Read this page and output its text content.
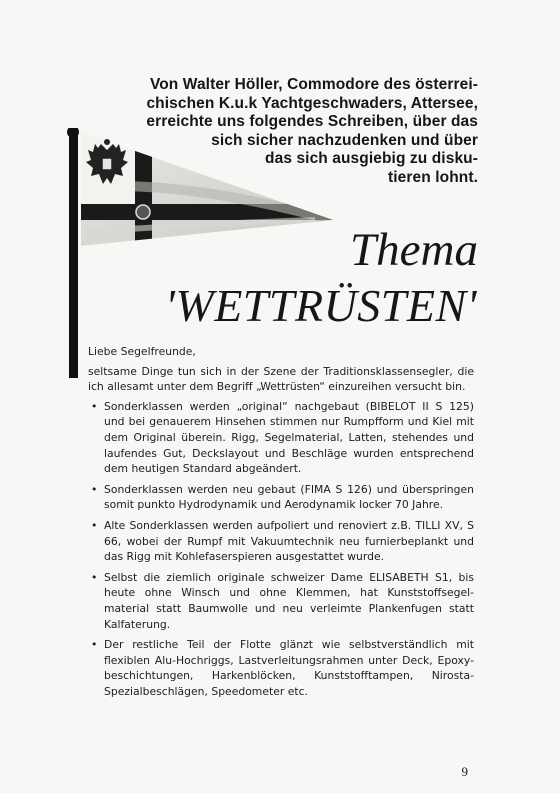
Von Walter Höller, Commodore des österrei-
chischen K.u.k Yachtgeschwaders, Attersee,
erreichte uns folgendes Schreiben, über das
sich sicher nachzudenken und über
das sich ausgiebig zu disku-
tieren lohnt.
Thema
'WETTRÜSTEN'

Liebe Segelfreunde,

seltsame Dinge tun sich in der Szene der Traditionsklassensegler, die ich allesamt unter dem Begriff „Wettrüsten“ einzureihen versucht bin.

• Sonderklassen werden „original“ nachgebaut (BIBELOT II S 125) und bei genauerem Hinsehen stimmen nur Rumpfform und Kiel mit dem Original überein. Rigg, Segelmaterial, Latten, stehendes und laufendes Gut, Deckslayout und Beschläge wurden entsprechend dem heutigen Standard abgeändert.
• Sonderklassen werden neu gebaut (FIMA S 126) und überspringen somit punkto Hydrodynamik und Aerodynamik locker 70 Jahre.
• Alte Sonderklassen werden aufpoliert und renoviert z.B. TILLI XV, S 66, wobei der Rumpf mit Vakuumtechnik neu furnierbeplankt und das Rigg mit Kohlefaserspieren ausgestattet wurde.
• Selbst die ziemlich originale schweizer Dame ELISABETH S1, bis heute ohne Winsch und ohne Klemmen, hat Kunststoffsegel-material statt Baumwolle und neu verleimte Plankenfugen statt Kalfaterung.
• Der restliche Teil der Flotte glänzt wie selbstverständlich mit flexiblen Alu-Hochriggs, Lastverleitungsrahmen unter Deck, Epoxy-beschichtungen, Harkenblöcken, Kunststofftampen, Nirosta-Spezialbeschlägen, Speedometer etc.
9
